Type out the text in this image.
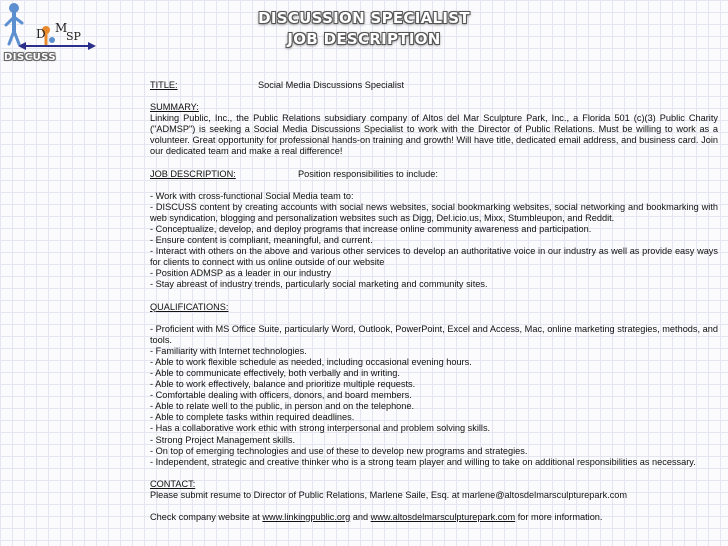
D M
SP
DISCUSS
DISCUSSION SPECIALIST
JOB DESCRIPTION
TITLE:	Social Media Discussions Specialist

SUMMARY:

Linking Public, Inc., the Public Relations subsidiary company of Altos del Mar Sculpture Park, Inc., a Florida 501 (c)(3) Public Charity ("ADMSP") is seeking a Social Media Discussions Specialist to work with the Director of Public Relations. Must be willing to work as a volunteer. Great opportunity for professional hands-on training and growth! Will have title, dedicated email address, and business card. Join our dedicated team and make a real difference!

JOB DESCRIPTION:	Position responsibilities to include:

- Work with cross-functional Social Media team to:

- DISCUSS content by creating accounts with social news websites, social bookmarking websites, social networking and bookmarking with web syndication, blogging and personalization websites such as Digg, Del.icio.us, Mixx, Stumbleupon, and Reddit.

- Conceptualize, develop, and deploy programs that increase online community awareness and participation.

- Ensure content is compliant, meaningful, and current.

- Interact with others on the above and various other services to develop an authoritative voice in our industry as well as provide easy ways for clients to connect with us online outside of our website

- Position ADMSP as a leader in our industry

- Stay abreast of industry trends, particularly social marketing and community sites.

QUALIFICATIONS:

- Proficient with MS Office Suite, particularly Word, Outlook, PowerPoint, Excel and Access, Mac, online marketing strategies, methods, and tools.

- Familiarity with Internet technologies.

- Able to work flexible schedule as needed, including occasional evening hours.

- Able to communicate effectively, both verbally and in writing.

- Able to work effectively, balance and prioritize multiple requests.

- Comfortable dealing with officers, donors, and board members.

- Able to relate well to the public, in person and on the telephone.

- Able to complete tasks within required deadlines.

- Has a collaborative work ethic with strong interpersonal and problem solving skills.

- Strong Project Management skills.

- On top of emerging technologies and use of these to develop new programs and strategies.

- Independent, strategic and creative thinker who is a strong team player and willing to take on additional responsibilities as necessary.

CONTACT:

Please submit resume to Director of Public Relations, Marlene Saile, Esq. at marlene@altosdelmarsculpturepark.com

Check company website at www.linkingpublic.org and www.altosdelmarsculpturepark.com for more information.
